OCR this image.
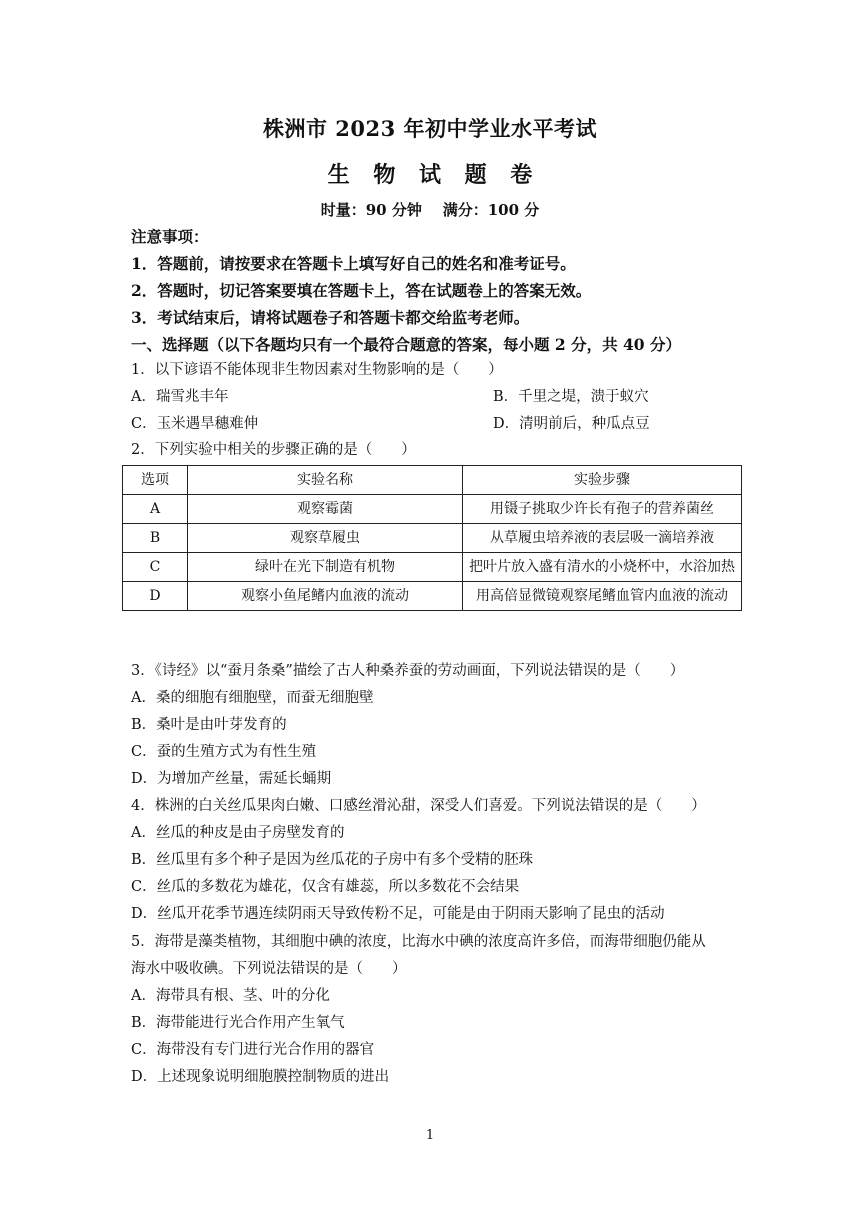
株洲市 2023 年初中学业水平考试
生 物 试 题 卷
时量：90 分钟    满分：100 分
注意事项：
1．答题前，请按要求在答题卡上填写好自己的姓名和准考证号。
2．答题时，切记答案要填在答题卡上，答在试题卷上的答案无效。
3．考试结束后，请将试题卷子和答题卡都交给监考老师。
一、选择题（以下各题均只有一个最符合题意的答案，每小题 2 分，共 40 分）
1．以下谚语不能体现非生物因素对生物影响的是（　　）
A．瑞雪兆丰年	B．千里之堤，溃于蚁穴
C．玉米遇旱穗难伸	D．清明前后，种瓜点豆
2．下列实验中相关的步骤正确的是（　　）
选项	实验名称	实验步骤
A	观察霉菌	用镊子挑取少许长有孢子的营养菌丝
B	观察草履虫	从草履虫培养液的表层吸一滴培养液
C	绿叶在光下制造有机物	把叶片放入盛有清水的小烧杯中，水浴加热
D	观察小鱼尾鳍内血液的流动	用高倍显微镜观察尾鳍血管内血液的流动
3．《诗经》以“蚕月条桑”描绘了古人种桑养蚕的劳动画面，下列说法错误的是（　　）
A．桑的细胞有细胞壁，而蚕无细胞壁
B．桑叶是由叶芽发育的
C．蚕的生殖方式为有性生殖
D．为增加产丝量，需延长蛹期
4．株洲的白关丝瓜果肉白嫩、口感丝滑沁甜，深受人们喜爱。下列说法错误的是（　　）
A．丝瓜的种皮是由子房壁发育的
B．丝瓜里有多个种子是因为丝瓜花的子房中有多个受精的胚珠
C．丝瓜的多数花为雄花，仅含有雄蕊，所以多数花不会结果
D．丝瓜开花季节遇连续阴雨天导致传粉不足，可能是由于阴雨天影响了昆虫的活动
5．海带是藻类植物，其细胞中碘的浓度，比海水中碘的浓度高许多倍，而海带细胞仍能从
海水中吸收碘。下列说法错误的是（　　）
A．海带具有根、茎、叶的分化
B．海带能进行光合作用产生氧气
C．海带没有专门进行光合作用的器官
D．上述现象说明细胞膜控制物质的进出
1
